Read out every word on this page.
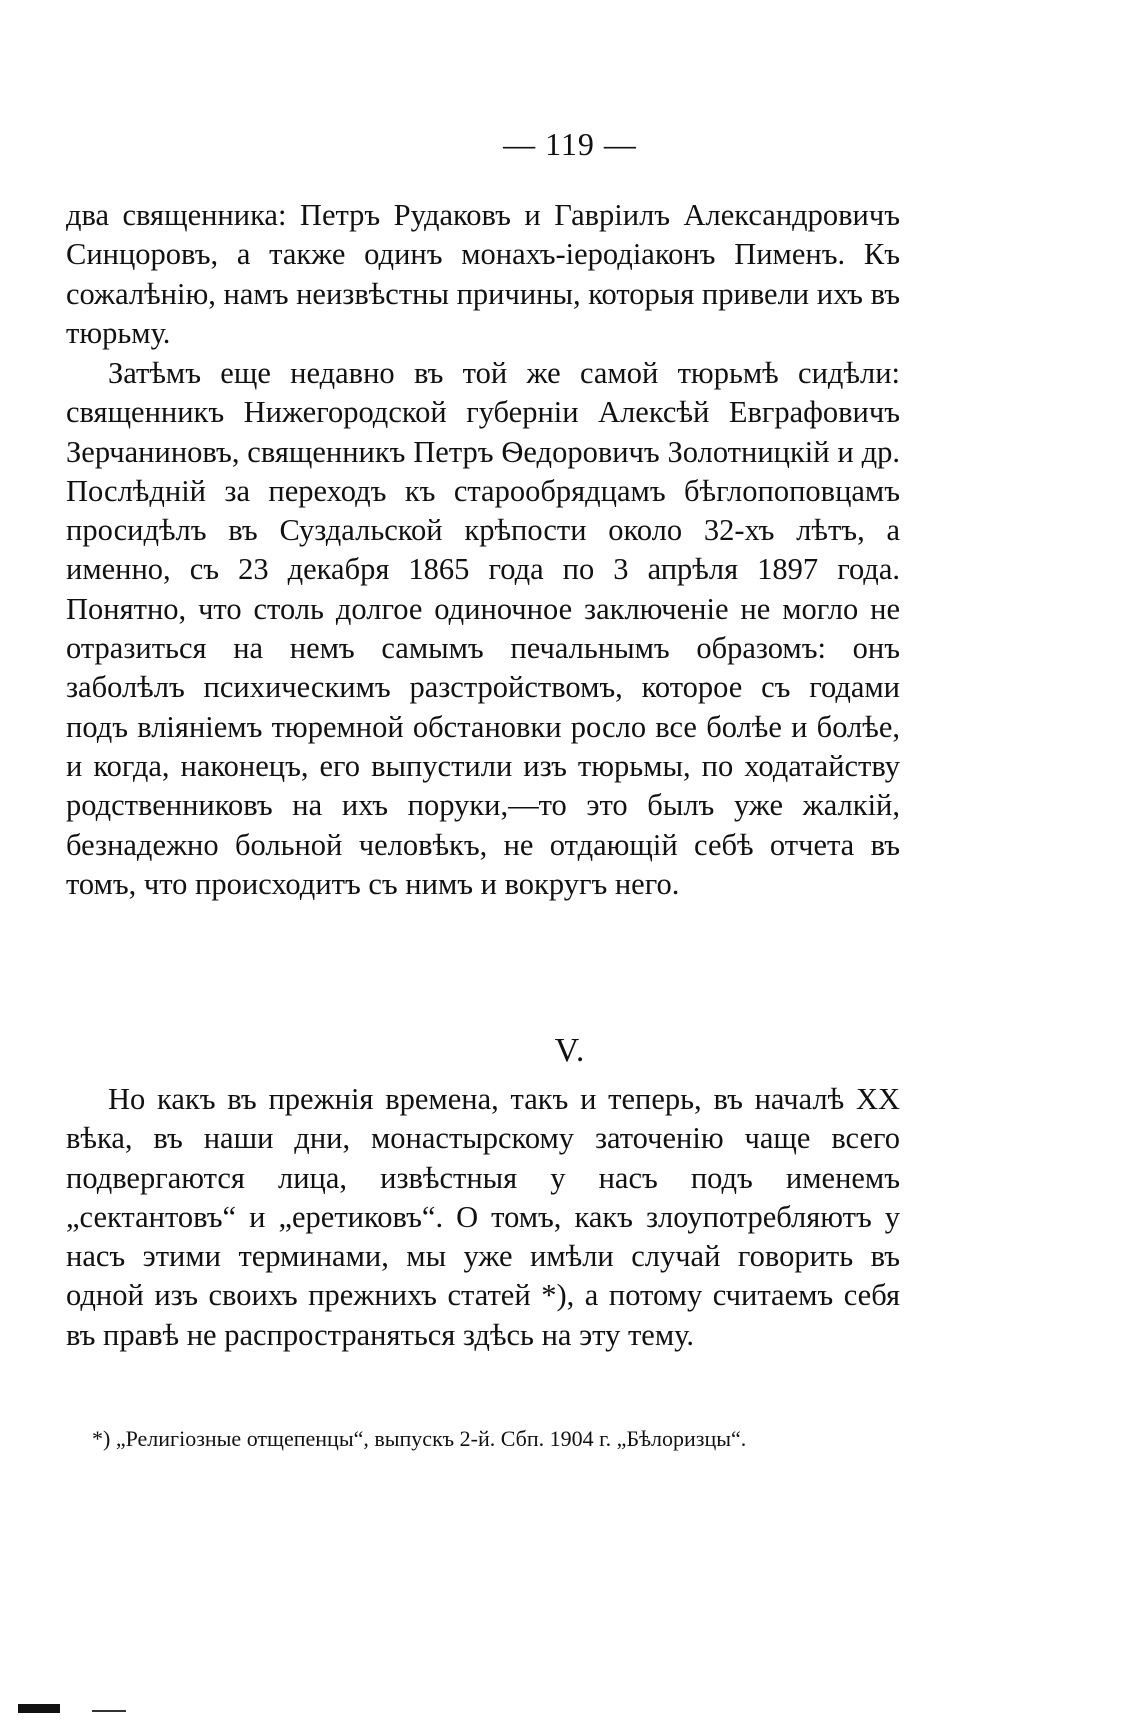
— 119 —

два священника: Петръ Рудаковъ и Гавріилъ Александровичъ Синцоровъ, а также одинъ монахъ-іеродіаконъ Пименъ. Къ сожалѣнію, намъ неизвѣстны причины, которыя привели ихъ въ тюрьму.

Затѣмъ еще недавно въ той же самой тюрьмѣ сидѣли: священникъ Нижегородской губерніи Алексѣй Евграфовичъ Зерчаниновъ, священникъ Петръ Ѳедоровичъ Золотницкій и др. Послѣдній за переходъ къ старообрядцамъ бѣглопоповцамъ просидѣлъ въ Суздальской крѣпости около 32-хъ лѣтъ, а именно, съ 23 декабря 1865 года по 3 апрѣля 1897 года. Понятно, что столь долгое одиночное заключеніе не могло не отразиться на немъ самымъ печальнымъ образомъ: онъ заболѣлъ психическимъ разстройствомъ, которое съ годами подъ вліяніемъ тюремной обстановки росло все болѣе и болѣе, и когда, наконецъ, его выпустили изъ тюрьмы, по ходатайству родственниковъ на ихъ поруки,—то это былъ уже жалкій, безнадежно больной человѣкъ, не отдающій себѣ отчета въ томъ, что происходитъ съ нимъ и вокругъ него.

V.

Но какъ въ прежнія времена, такъ и теперь, въ началѣ XX вѣка, въ наши дни, монастырскому заточенію чаще всего подвергаются лица, извѣстныя у насъ подъ именемъ „сектантовъ“ и „еретиковъ“. О томъ, какъ злоупотребляютъ у насъ этими терминами, мы уже имѣли случай говорить въ одной изъ своихъ прежнихъ статей *), а потому считаемъ себя въ правѣ не распространяться здѣсь на эту тему.

*) „Религіозные отщепенцы“, выпускъ 2-й. Сбп. 1904 г. „Бѣлоризцы“.
